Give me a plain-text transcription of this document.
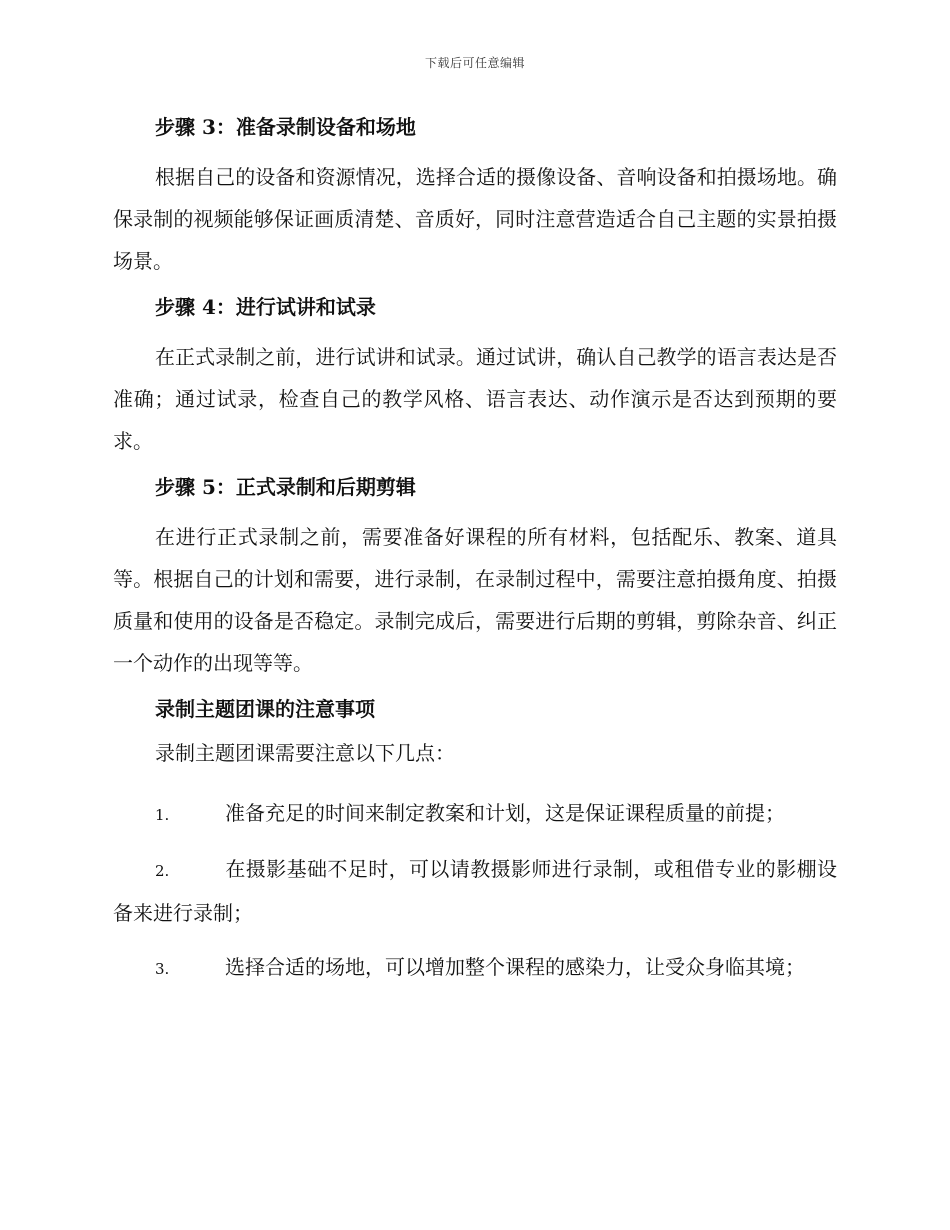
下载后可任意编辑
步骤 3：准备录制设备和场地

根据自己的设备和资源情况，选择合适的摄像设备、音响设备和拍摄场地。确保录制的视频能够保证画质清楚、音质好，同时注意营造适合自己主题的实景拍摄场景。

步骤 4：进行试讲和试录

在正式录制之前，进行试讲和试录。通过试讲，确认自己教学的语言表达是否准确；通过试录，检查自己的教学风格、语言表达、动作演示是否达到预期的要求。

步骤 5：正式录制和后期剪辑

在进行正式录制之前，需要准备好课程的所有材料，包括配乐、教案、道具等。根据自己的计划和需要，进行录制，在录制过程中，需要注意拍摄角度、拍摄质量和使用的设备是否稳定。录制完成后，需要进行后期的剪辑，剪除杂音、纠正一个动作的出现等等。

录制主题团课的注意事项
录制主题团课需要注意以下几点：

1.	准备充足的时间来制定教案和计划，这是保证课程质量的前提；

2.	在摄影基础不足时，可以请教摄影师进行录制，或租借专业的影棚设备来进行录制；

3.	选择合适的场地，可以增加整个课程的感染力，让受众身临其境；
